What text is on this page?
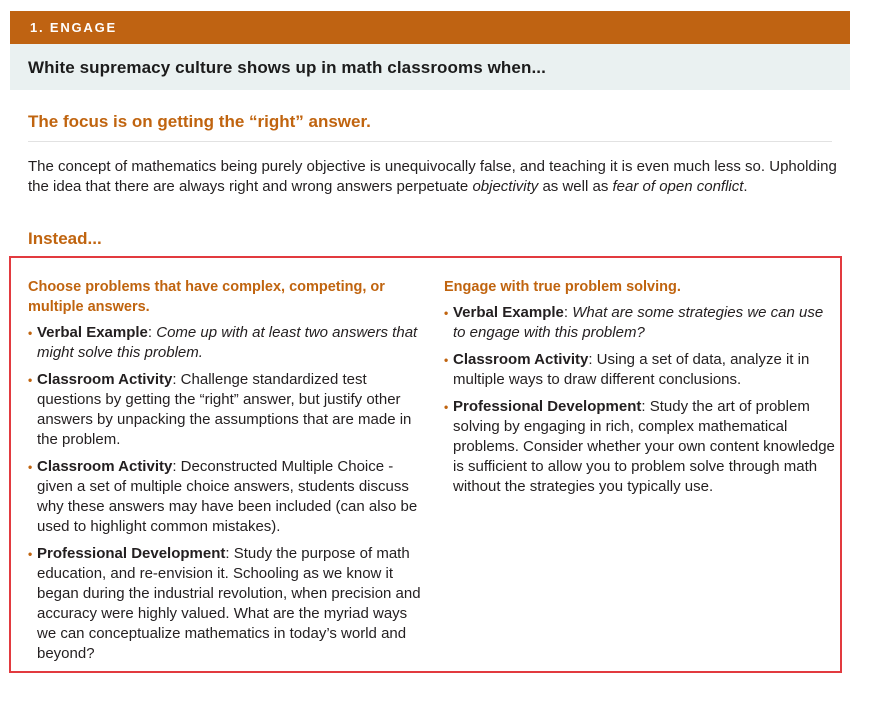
1. ENGAGE
White supremacy culture shows up in math classrooms when...
The focus is on getting the “right” answer.

The concept of mathematics being purely objective is unequivocally false, and teaching it is even much less so. Upholding the idea that there are always right and wrong answers perpetuate objectivity as well as fear of open conflict.

Instead...
Choose problems that have complex, competing, or multiple answers.
• Verbal Example: Come up with at least two answers that might solve this problem.
• Classroom Activity: Challenge standardized test questions by getting the “right” answer, but justify other answers by unpacking the assumptions that are made in the problem.
• Classroom Activity: Deconstructed Multiple Choice - given a set of multiple choice answers, students discuss why these answers may have been included (can also be used to highlight common mistakes).
• Professional Development: Study the purpose of math education, and re-envision it. Schooling as we know it began during the industrial revolution, when precision and accuracy were highly valued. What are the myriad ways we can conceptualize mathematics in today’s world and beyond?
Engage with true problem solving.
• Verbal Example: What are some strategies we can use to engage with this problem?
• Classroom Activity: Using a set of data, analyze it in multiple ways to draw different conclusions.
• Professional Development: Study the art of problem solving by engaging in rich, complex mathematical problems. Consider whether your own content knowledge is sufficient to allow you to problem solve through math without the strategies you typically use.
